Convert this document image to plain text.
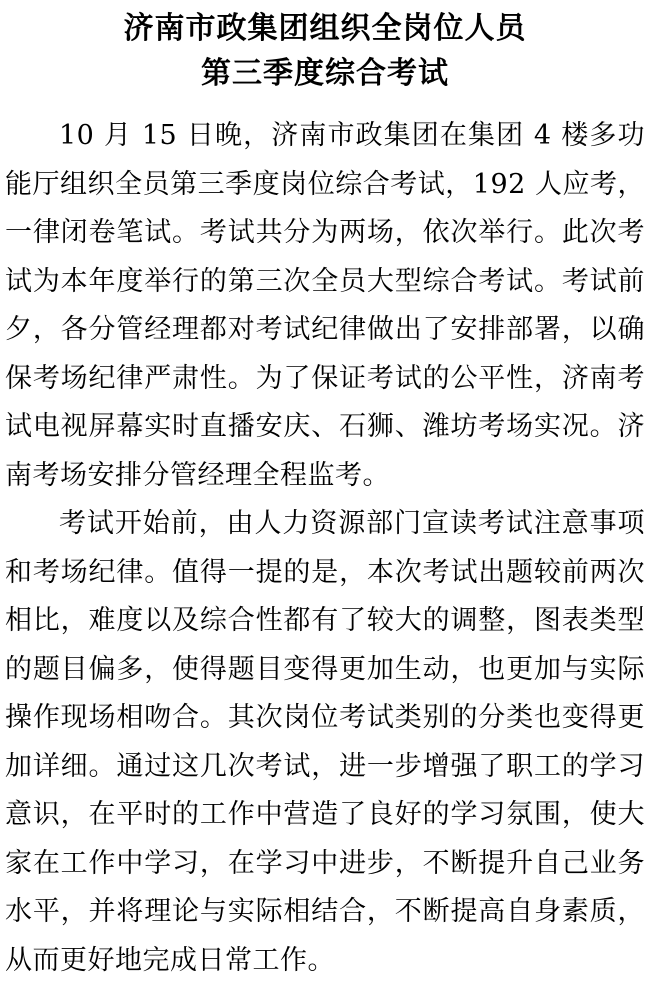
济南市政集团组织全岗位人员
第三季度综合考试

10 月 15 日晚，济南市政集团在集团 4 楼多功能厅组织全员第三季度岗位综合考试，192 人应考，一律闭卷笔试。考试共分为两场，依次举行。此次考试为本年度举行的第三次全员大型综合考试。考试前夕，各分管经理都对考试纪律做出了安排部署，以确保考场纪律严肃性。为了保证考试的公平性，济南考试电视屏幕实时直播安庆、石狮、潍坊考场实况。济南考场安排分管经理全程监考。

考试开始前，由人力资源部门宣读考试注意事项和考场纪律。值得一提的是，本次考试出题较前两次相比，难度以及综合性都有了较大的调整，图表类型的题目偏多，使得题目变得更加生动，也更加与实际操作现场相吻合。其次岗位考试类别的分类也变得更加详细。通过这几次考试，进一步增强了职工的学习意识，在平时的工作中营造了良好的学习氛围，使大家在工作中学习，在学习中进步，不断提升自己业务水平，并将理论与实际相结合，不断提高自身素质，从而更好地完成日常工作。
